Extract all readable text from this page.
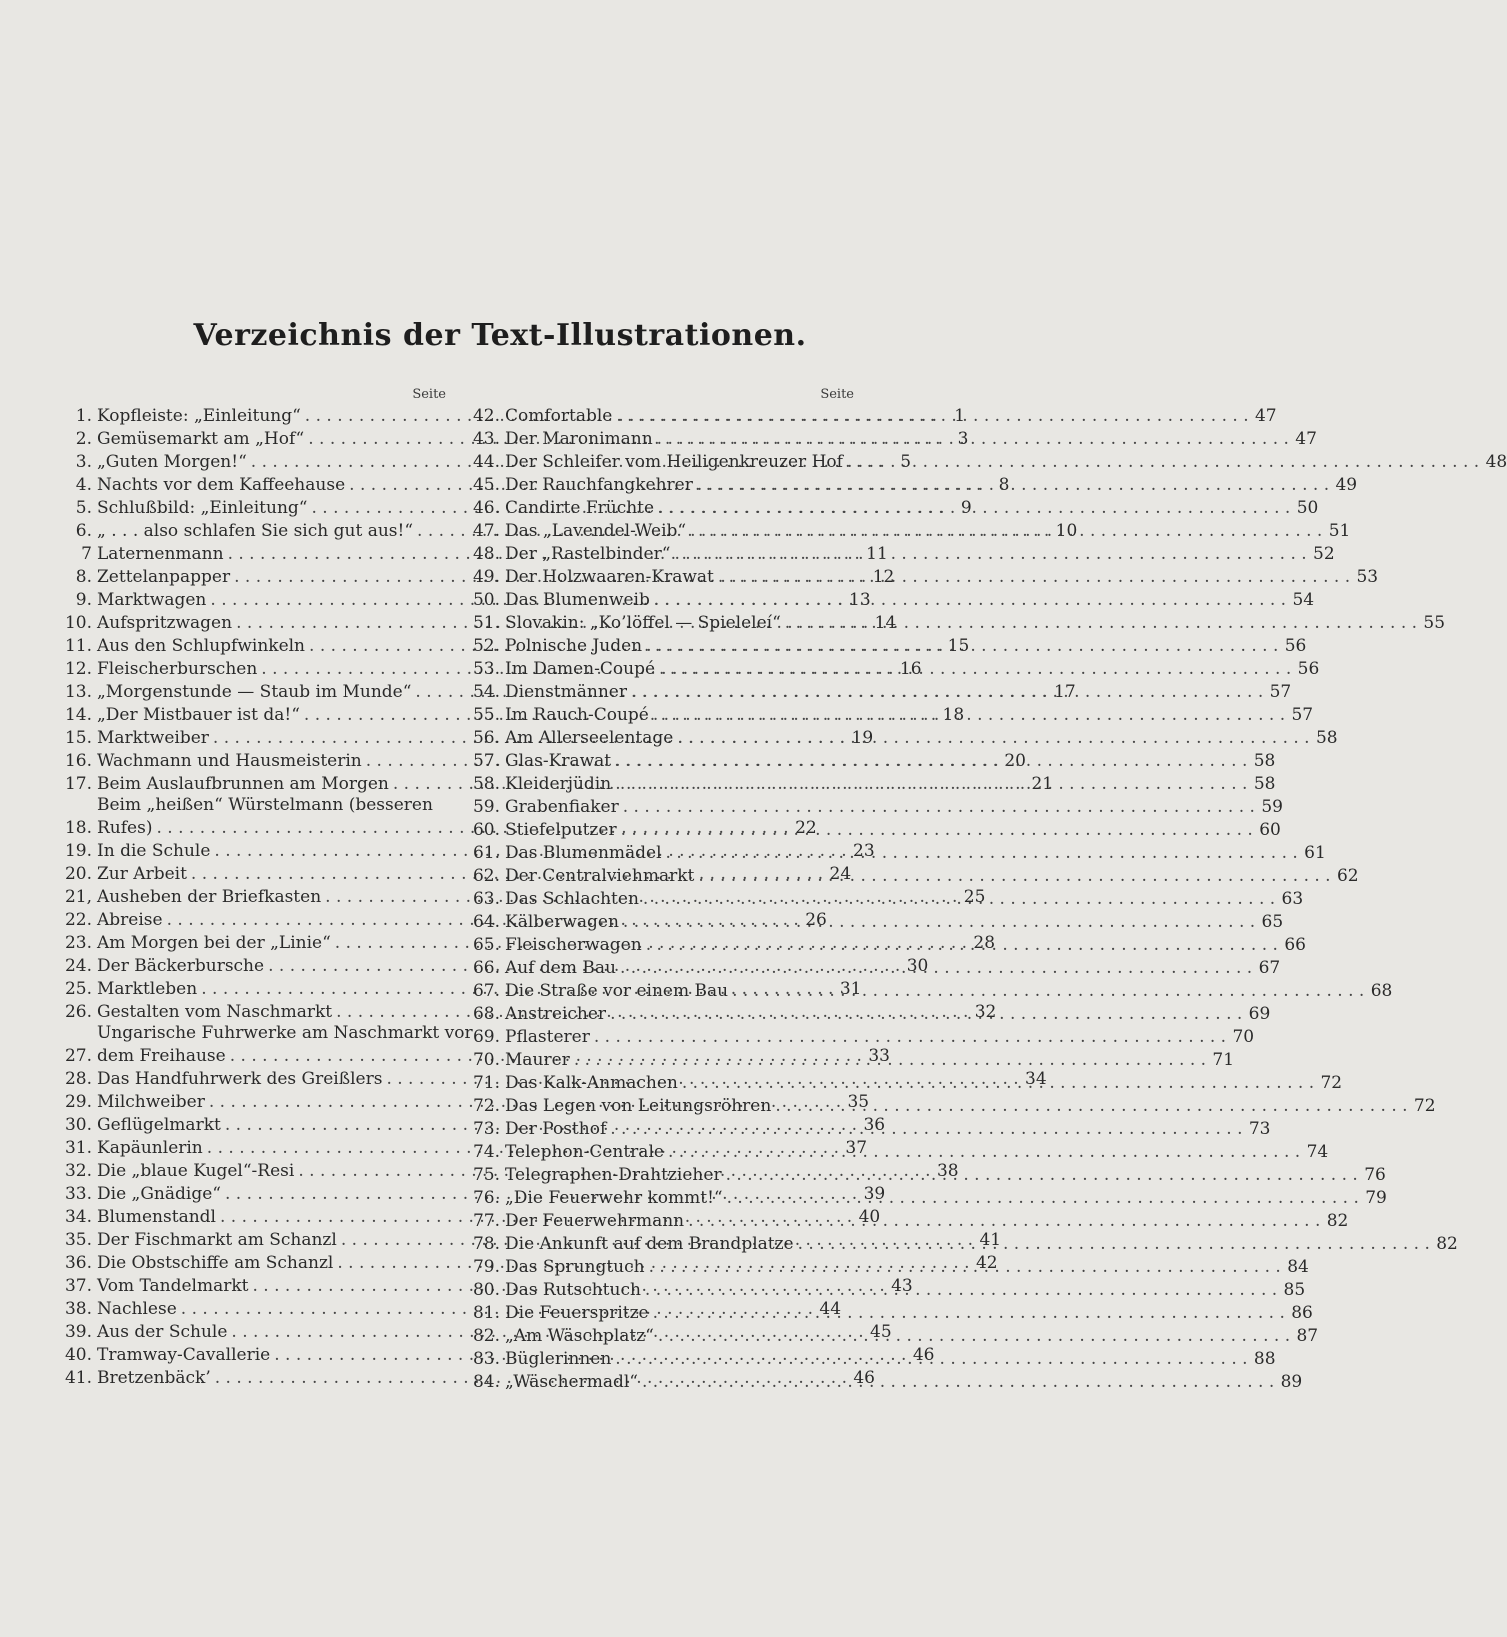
Verzeichnis der Text-Illustrationen.
Seite
1. Kopfleiste: „Einleitung“ . . .	1
2. Gemüsemarkt am „Hof“ . . .	3
3. „Guten Morgen!“ . . .	5
4. Nachts vor dem Kaffeehause . . .	8
5. Schlußbild: „Einleitung“ . . .	9
6. „ . . . also schlafen Sie sich gut aus!“ . . .	10
7 Laternenmann . . .	11
8. Zettelanpapper . . .	12
9. Marktwagen . . .	13
10. Aufspritzwagen . . .	14
11. Aus den Schlupfwinkeln . . .	15
12. Fleischerburschen . . .	16
13. „Morgenstunde — Staub im Munde“ . . .	17
14. „Der Mistbauer ist da!“ . . .	18
15. Marktweiber . . .	19
16. Wachmann und Hausmeisterin . . .	20
17. Beim Auslaufbrunnen am Morgen . . .	21
18.
Beim „heißen“ Würstelmann (besseren
Rufes) . . .	22
19. In die Schule . . .	23
20. Zur Arbeit . . .	24
21, Ausheben der Briefkasten . . .	25
22. Abreise . . .	26
23. Am Morgen bei der „Linie“ . . .	28
24. Der Bäckerbursche . . .	30
25. Marktleben . . .	31
26. Gestalten vom Naschmarkt . . .	32
27.
Ungarische Fuhrwerke am Naschmarkt vor
dem Freihause . . .	33
28. Das Handfuhrwerk des Greißlers . . .	34
29. Milchweiber . . .	35
30. Geflügelmarkt . . .	36
31. Kapäunlerin . . .	37
32. Die „blaue Kugel“-Resi . . .	38
33. Die „Gnädige“ . . .	39
34. Blumenstandl . . .	40
35. Der Fischmarkt am Schanzl . . .	41
36. Die Obstschiffe am Schanzl . . .	42
37. Vom Tandelmarkt . . .	43
38. Nachlese . . .	44
39. Aus der Schule . . .	45
40. Tramway-Cavallerie . . .	46
41. Bretzenbäck’ . . .	46
Seite
42. Comfortable . . .	47
43. Der Maronimann . . .	47
44. Der Schleifer vom Heiligenkreuzer Hof . . .	48
45. Der Rauchfangkehrer . . .	49
46. Candirte Früchte . . .	50
47. Das „Lavendel-Weib“ . . .	51
48. Der „Rastelbinder“ . . .	52
49. Der Holzwaaren-Krawat . . .	53
50. Das Blumenweib . . .	54
51. Slovakin: „Ko’löffel — Spieleleí“ . . .	55
52. Polnische Juden . . .	56
53. Im Damen-Coupé . . .	56
54. Dienstmänner . . .	57
55. Im Rauch-Coupé . . .	57
56. Am Allerseelentage . . .	58
57. Glas-Krawat . . .	58
58. Kleiderjüdin . . .	58
59. Grabenfiaker . . .	59
60. Stiefelputzer . . .	60
61. Das Blumenmädel . . .	61
62. Der Centralviehmarkt . . .	62
63. Das Schlachten . . .	63
64. Kälberwagen . . .	65
65. Fleischerwagen . . .	66
66. Auf dem Bau . . .	67
67. Die Straße vor einem Bau . . .	68
68. Anstreicher . . .	69
69. Pflasterer . . .	70
70. Maurer . . .	71
71. Das Kalk-Anmachen . . .	72
72. Das Legen von Leitungsröhren . . .	72
73. Der Posthof . . .	73
74. Telephon-Centrale . . .	74
75. Telegraphen-Drahtzieher . . .	76
76. „Die Feuerwehr kommt!“ . . .	79
77. Der Feuerwehrmann . . .	82
78. Die Ankunft auf dem Brandplatze . . .	82
79. Das Sprungtuch . . .	84
80. Das Rutschtuch . . .	85
81. Die Feuerspritze . . .	86
82. „Am Wäschplatz“ . . .	87
83. Büglerinnen . . .	88
84. „Wäschermadl“ . . .	89
